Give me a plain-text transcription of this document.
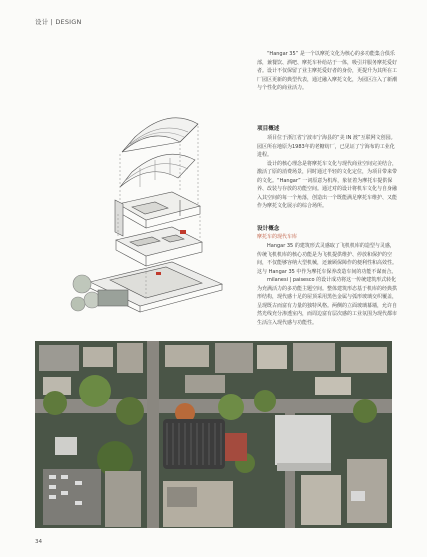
设计 | DESIGN

“Hangar 35” 是一个以摩托文化为核心的多功能集合俱乐部，兼餐饮、酒吧、摩托车补给站于一体，吸引并服务摩托爱好者。设计不仅保留了业主摩托爱好者的身份，更提升为其所在工厂园区更新的典型代表，通过融入摩托文化，为园区注入了新潮与个性化的商业活力。

项目概述

项目位于浙江省宁波市宁海县的“美 IN 渡”互联网文创园。园区所在地原为1983年的老糖纺厂，已见证了宁海布的工业化进程。

设计的核心理念是将摩托车文化与现代商业空间完美结合，激活了原的消费场景，同时通过半轻的文化定位，为项目带来带的文化。“Hangar” 一词原意为机库，象征着为摩托车提供保养、改装与存放的功能空间。通过对的设计将机车文化与自身融入其空间的每一个角落，创造出一个既能满足摩托车维护、又能作为摩托文化展示的综合场所。

设计概念
摩托车的现代车库

Hangar 35 的建筑形式灵感取了飞机机库的造型与灵感，传统飞机机库的核心功能是为飞机提供维护、停放和保护的空间，不仅能够容纳大型机械，还兼顾保障作的便利性和高效性。这与 Hangar 35 中作为摩托车保养改造车间的功能不谋而合。

milanesi | paisesco 的设计成功将这一传统建筑形式转化为充满活力的多功能主题空间。整体建筑形态基于机库的经典拱形结构，现代感十足的屋顶采用黑色金属与弧形玻璃交织覆盖，呈现既古而富有力量的独特风格。两侧的立面玻璃幕墙，允许自然光线充分渗透室内，而周边富有层次感的工业氛围为现代都市生活注入现代感与功能性。

34
